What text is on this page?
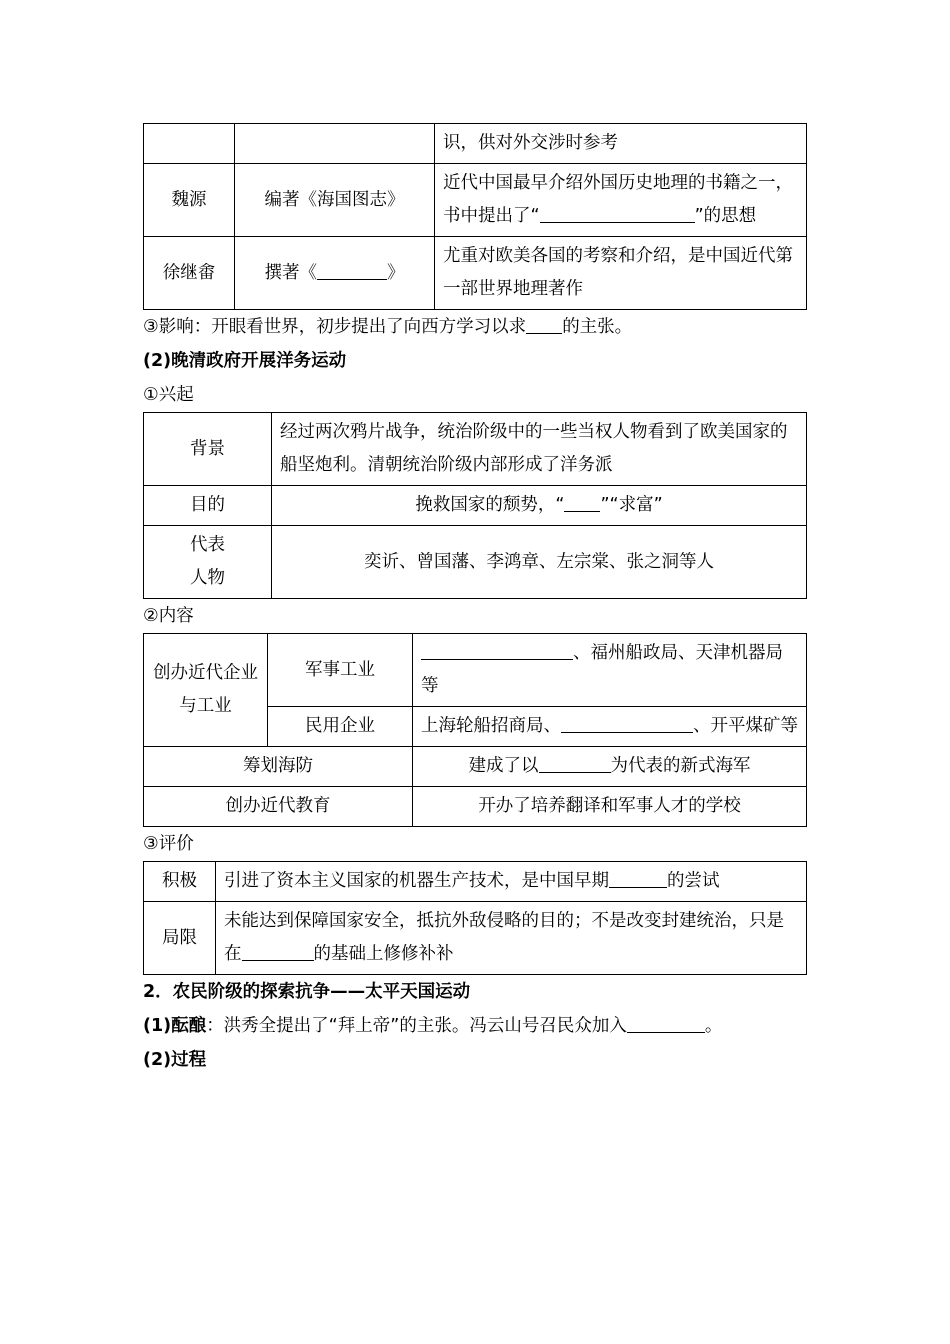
		识，供对外交涉时参考
魏源	编著《海国图志》	近代中国最早介绍外国历史地理的书籍之一，书中提出了“ ”的思想
徐继畬	撰著《 》	尤重对欧美各国的考察和介绍，是中国近代第一部世界地理著作

③影响：开眼看世界，初步提出了向西方学习以求 的主张。

(2)晚清政府开展洋务运动

①兴起

背景	经过两次鸦片战争，统治阶级中的一些当权人物看到了欧美国家的船坚炮利。清朝统治阶级内部形成了洋务派
目的	挽救国家的颓势，“ ”“求富”

代表
人物	奕䜣、曾国藩、李鸿章、左宗棠、张之洞等人

②内容

创办近代企业与工业	军事工业	、福州船政局、天津机器局等
	民用企业	上海轮船招商局、 、开平煤矿等
筹划海防		建成了以 为代表的新式海军
创办近代教育		开办了培养翻译和军事人才的学校

③评价

积极	引进了资本主义国家的机器生产技术，是中国早期 的尝试
局限	未能达到保障国家安全，抵抗外敌侵略的目的；不是改变封建统治，只是在 的基础上修修补补

2．农民阶级的探索抗争——太平天国运动

(1)酝酿：洪秀全提出了“拜上帝”的主张。冯云山号召民众加入	。

(2)过程
